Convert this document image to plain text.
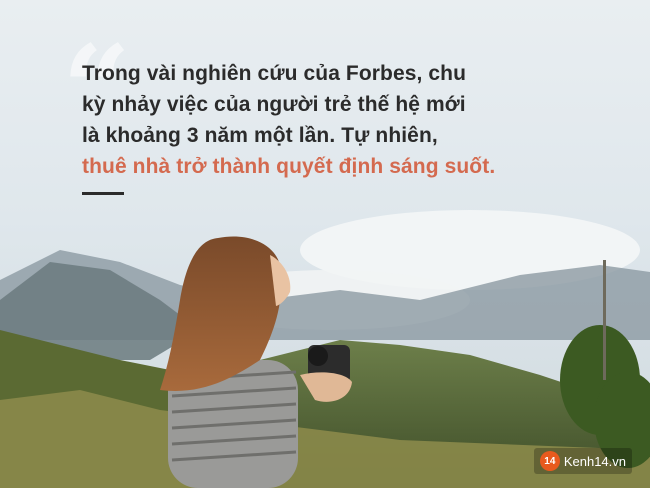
“
Trong vài nghiên cứu của Forbes, chu
kỳ nhảy việc của người trẻ thế hệ mới
là khoảng 3 năm một lần. Tự nhiên,
thuê nhà trở thành quyết định sáng suốt.
14 Kenh14.vn
